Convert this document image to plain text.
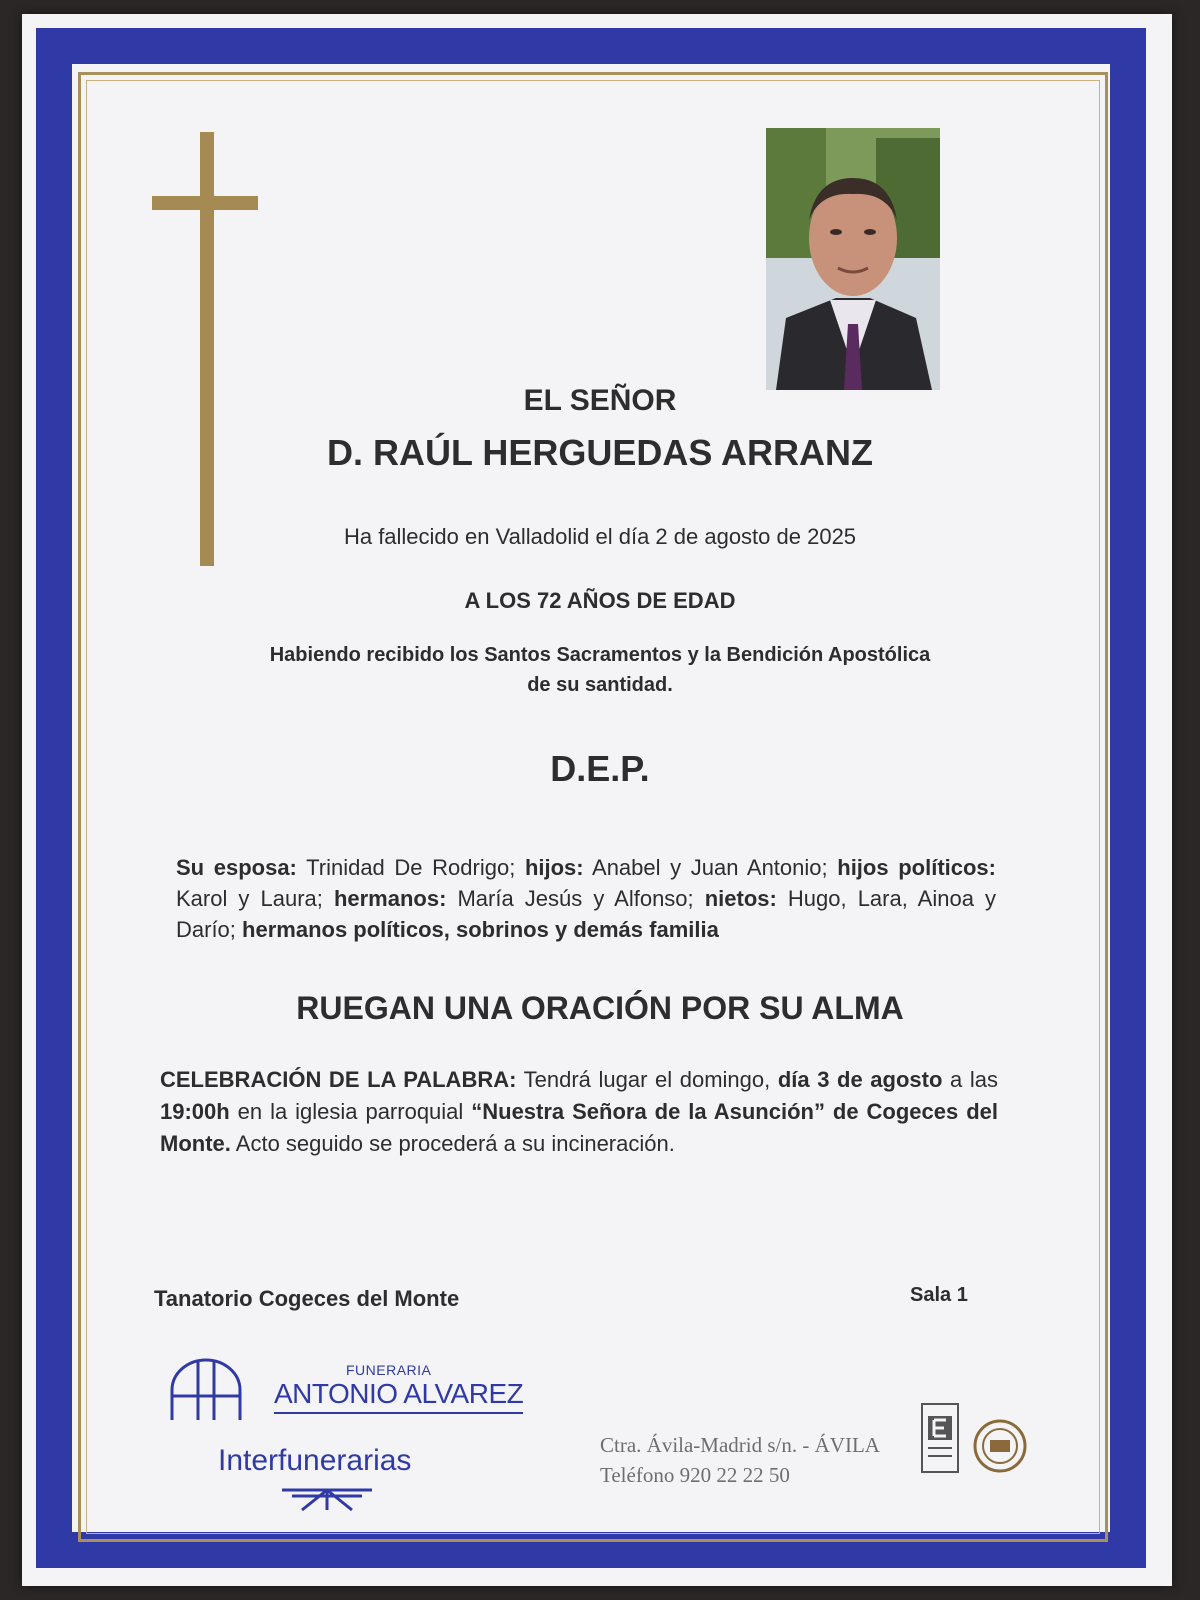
EL SEÑOR
D. RAÚL HERGUEDAS ARRANZ
Ha fallecido en Valladolid el día 2 de agosto de 2025
A LOS 72 AÑOS DE EDAD
Habiendo recibido los Santos Sacramentos y la Bendición Apostólica
de su santidad.
D.E.P.
Su esposa: Trinidad De Rodrigo; hijos: Anabel y Juan Antonio; hijos políticos: Karol y Laura; hermanos: María Jesús y Alfonso; nietos: Hugo, Lara, Ainoa y Darío; hermanos políticos, sobrinos y demás familia
RUEGAN UNA ORACIÓN POR SU ALMA
CELEBRACIÓN DE LA PALABRA: Tendrá lugar el domingo, día 3 de agosto a las 19:00h en la iglesia parroquial “Nuestra Señora de la Asunción” de Cogeces del Monte. Acto seguido se procederá a su incineración.
Tanatorio Cogeces del Monte	Sala 1
FUNERARIA
ANTONIO ALVAREZ
Interfunerarias	Ctra. Ávila-Madrid s/n. - ÁVILA
Teléfono 920 22 22 50
